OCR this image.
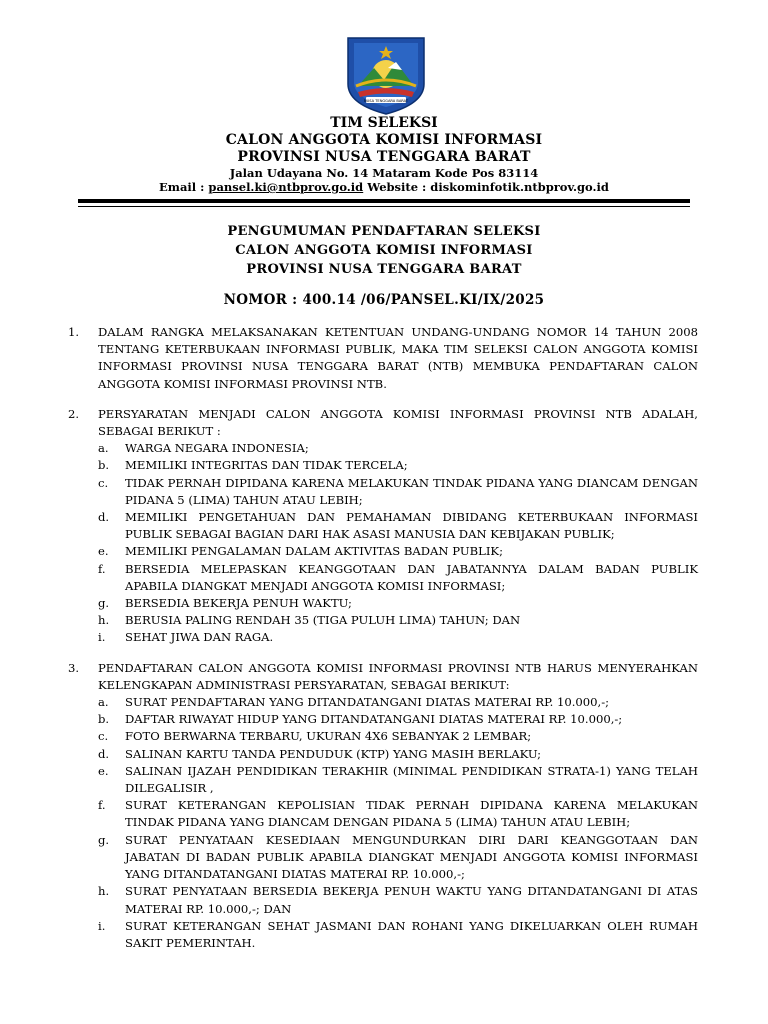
NUSA TENGGARA BARAT
TIM SELEKSI
CALON ANGGOTA KOMISI INFORMASI
PROVINSI NUSA TENGGARA BARAT
Jalan Udayana No. 14 Mataram Kode Pos 83114
Email : pansel.ki@ntbprov.go.id Website : diskominfotik.ntbprov.go.id
PENGUMUMAN PENDAFTARAN SELEKSI
CALON ANGGOTA KOMISI INFORMASI
PROVINSI NUSA TENGGARA BARAT
NOMOR : 400.14 /06/PANSEL.KI/IX/2025
1. DALAM RANGKA MELAKSANAKAN KETENTUAN UNDANG-UNDANG NOMOR 14 TAHUN 2008 TENTANG KETERBUKAAN INFORMASI PUBLIK, MAKA TIM SELEKSI CALON ANGGOTA KOMISI INFORMASI PROVINSI NUSA TENGGARA BARAT (NTB) MEMBUKA PENDAFTARAN CALON ANGGOTA KOMISI INFORMASI PROVINSI NTB.
2. PERSYARATAN MENJADI CALON ANGGOTA KOMISI INFORMASI PROVINSI NTB ADALAH, SEBAGAI BERIKUT :
a. WARGA NEGARA INDONESIA;
b. MEMILIKI INTEGRITAS DAN TIDAK TERCELA;
c. TIDAK PERNAH DIPIDANA KARENA MELAKUKAN TINDAK PIDANA YANG DIANCAM DENGAN PIDANA 5 (LIMA) TAHUN ATAU LEBIH;
d. MEMILIKI PENGETAHUAN DAN PEMAHAMAN DIBIDANG KETERBUKAAN INFORMASI PUBLIK SEBAGAI BAGIAN DARI HAK ASASI MANUSIA DAN KEBIJAKAN PUBLIK;
e. MEMILIKI PENGALAMAN DALAM AKTIVITAS BADAN PUBLIK;
f. BERSEDIA MELEPASKAN KEANGGOTAAN DAN JABATANNYA DALAM BADAN PUBLIK APABILA DIANGKAT MENJADI ANGGOTA KOMISI INFORMASI;
g. BERSEDIA BEKERJA PENUH WAKTU;
h. BERUSIA PALING RENDAH 35 (TIGA PULUH LIMA) TAHUN; DAN
i. SEHAT JIWA DAN RAGA.
3. PENDAFTARAN CALON ANGGOTA KOMISI INFORMASI PROVINSI NTB HARUS MENYERAHKAN KELENGKAPAN ADMINISTRASI PERSYARATAN, SEBAGAI BERIKUT:
a. SURAT PENDAFTARAN YANG DITANDATANGANI DIATAS MATERAI RP. 10.000,-;
b. DAFTAR RIWAYAT HIDUP YANG DITANDATANGANI DIATAS MATERAI RP. 10.000,-;
c. FOTO BERWARNA TERBARU, UKURAN 4X6 SEBANYAK 2 LEMBAR;
d. SALINAN KARTU TANDA PENDUDUK (KTP) YANG MASIH BERLAKU;
e. SALINAN IJAZAH PENDIDIKAN TERAKHIR (MINIMAL PENDIDIKAN STRATA-1) YANG TELAH DILEGALISIR ,
f. SURAT KETERANGAN KEPOLISIAN TIDAK PERNAH DIPIDANA KARENA MELAKUKAN TINDAK PIDANA YANG DIANCAM DENGAN PIDANA 5 (LIMA) TAHUN ATAU LEBIH;
g. SURAT PENYATAAN KESEDIAAN MENGUNDURKAN DIRI DARI KEANGGOTAAN DAN JABATAN DI BADAN PUBLIK APABILA DIANGKAT MENJADI ANGGOTA KOMISI INFORMASI YANG DITANDATANGANI DIATAS MATERAI RP. 10.000,-;
h. SURAT PENYATAAN BERSEDIA BEKERJA PENUH WAKTU YANG DITANDATANGANI DI ATAS MATERAI RP. 10.000,-; DAN
i. SURAT KETERANGAN SEHAT JASMANI DAN ROHANI YANG DIKELUARKAN OLEH RUMAH SAKIT PEMERINTAH.
